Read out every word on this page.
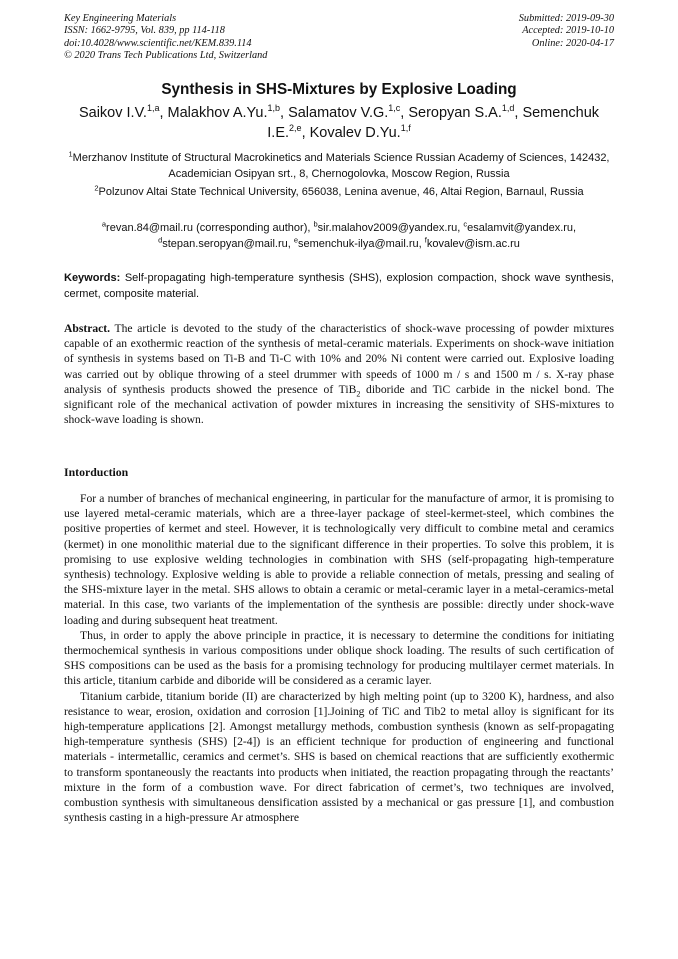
Key Engineering Materials
ISSN: 1662-9795, Vol. 839, pp 114-118
doi:10.4028/www.scientific.net/KEM.839.114
© 2020 Trans Tech Publications Ltd, Switzerland
Submitted: 2019-09-30
Accepted: 2019-10-10
Online: 2020-04-17
Synthesis in SHS-Mixtures by Explosive Loading
Saikov I.V.$^{1,a}$, Malakhov A.Yu.$^{1,b}$, Salamatov V.G.$^{1,c}$, Seropyan S.A.$^{1,d}$, Semenchuk I.E.$^{2,e}$, Kovalev D.Yu.$^{1,f}$
$^1$Merzhanov Institute of Structural Macrokinetics and Materials Science Russian Academy of Sciences, 142432, Academician Osipyan srt., 8, Chernogolovka, Moscow Region, Russia
$^2$Polzunov Altai State Technical University, 656038, Lenina avenue, 46, Altai Region, Barnaul, Russia
$^a$revan.84@mail.ru (corresponding author), $^b$sir.malahov2009@yandex.ru, $^c$esalamvit@yandex.ru, $^d$stepan.seropyan@mail.ru, $^e$semenchuk-ilya@mail.ru, $^f$kovalev@ism.ac.ru
Keywords: Self-propagating high-temperature synthesis (SHS), explosion compaction, shock wave synthesis, cermet, composite material.
Abstract. The article is devoted to the study of the characteristics of shock-wave processing of powder mixtures capable of an exothermic reaction of the synthesis of metal-ceramic materials. Experiments on shock-wave initiation of synthesis in systems based on Ti-B and Ti-C with 10% and 20% Ni content were carried out. Explosive loading was carried out by oblique throwing of a steel drummer with speeds of 1000 m / s and 1500 m / s. X-ray phase analysis of synthesis products showed the presence of TiB$_2$ diboride and TiC carbide in the nickel bond. The significant role of the mechanical activation of powder mixtures in increasing the sensitivity of SHS-mixtures to shock-wave loading is shown.
Intorduction

For a number of branches of mechanical engineering, in particular for the manufacture of armor, it is promising to use layered metal-ceramic materials, which are a three-layer package of steel-kermet-steel, which combines the positive properties of kermet and steel. However, it is technologically very difficult to combine metal and ceramics (kermet) in one monolithic material due to the significant difference in their properties. To solve this problem, it is promising to use explosive welding technologies in combination with SHS (self-propagating high-temperature synthesis) technology. Explosive welding is able to provide a reliable connection of metals, pressing and sealing of the SHS-mixture layer in the metal. SHS allows to obtain a ceramic or metal-ceramic layer in a metal-ceramics-metal material. In this case, two variants of the implementation of the synthesis are possible: directly under shock-wave loading and during subsequent heat treatment.

Thus, in order to apply the above principle in practice, it is necessary to determine the conditions for initiating thermochemical synthesis in various compositions under oblique shock loading. The results of such certification of SHS compositions can be used as the basis for a promising technology for producing multilayer cermet materials. In this article, titanium carbide and diboride will be considered as a ceramic layer.

Titanium carbide, titanium boride (II) are characterized by high melting point (up to 3200 K), hardness, and also resistance to wear, erosion, oxidation and corrosion [1].Joining of TiC and Tib2 to metal alloy is significant for its high-temperature applications [2]. Amongst metallurgy methods, combustion synthesis (known as self-propagating high-temperature synthesis (SHS) [2-4]) is an efficient technique for production of engineering and functional materials - intermetallic, ceramics and cermet’s. SHS is based on chemical reactions that are sufficiently exothermic to transform spontaneously the reactants into products when initiated, the reaction propagating through the reactants’ mixture in the form of a combustion wave. For direct fabrication of cermet’s, two techniques are involved, combustion synthesis with simultaneous densification assisted by a mechanical or gas pressure [1], and combustion synthesis casting in a high-pressure Ar atmosphere
